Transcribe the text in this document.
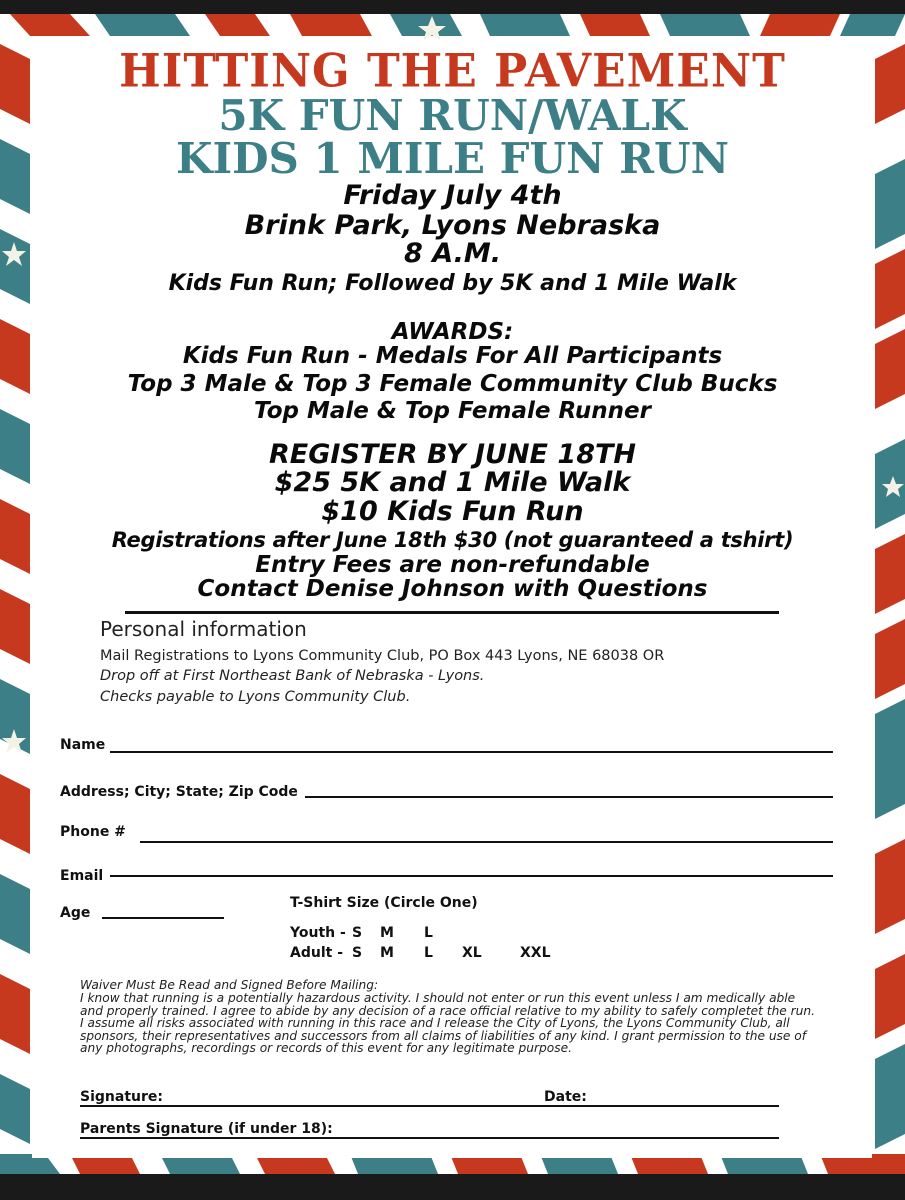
HITTING THE PAVEMENT
5K FUN RUN/WALK
KIDS 1 MILE FUN RUN
Friday July 4th
Brink Park, Lyons Nebraska
8 A.M.
Kids Fun Run; Followed by 5K and 1 Mile Walk
AWARDS:
Kids Fun Run - Medals For All Participants
Top 3 Male & Top 3 Female Community Club Bucks
Top Male & Top Female Runner
REGISTER BY JUNE 18TH
$25 5K and 1 Mile Walk
$10 Kids Fun Run
Registrations after June 18th $30 (not guaranteed a tshirt)
Entry Fees are non-refundable
Contact Denise Johnson with Questions
Personal information
Mail Registrations to Lyons Community Club, PO Box 443 Lyons, NE 68038 OR
Drop off at First Northeast Bank of Nebraska - Lyons.
Checks payable to Lyons Community Club.
Name
Address; City; State; Zip Code
Phone #
Email
Age
T-Shirt Size (Circle One)
Youth - S M L
Adult - S M L XL	XXL
Waiver Must Be Read and Signed Before Mailing:
I know that running is a potentially hazardous activity. I should not enter or run this event unless I am medically able and properly trained. I agree to abide by any decision of a race official relative to my ability to safely completet the run. I assume all risks associated with running in this race and I release the City of Lyons, the Lyons Community Club, all sponsors, their representatives and successors from all claims of liabilities of any kind. I grant permission to the use of any photographs, recordings or records of this event for any legitimate purpose.
Signature:	Date:
Parents Signature (if under 18):
